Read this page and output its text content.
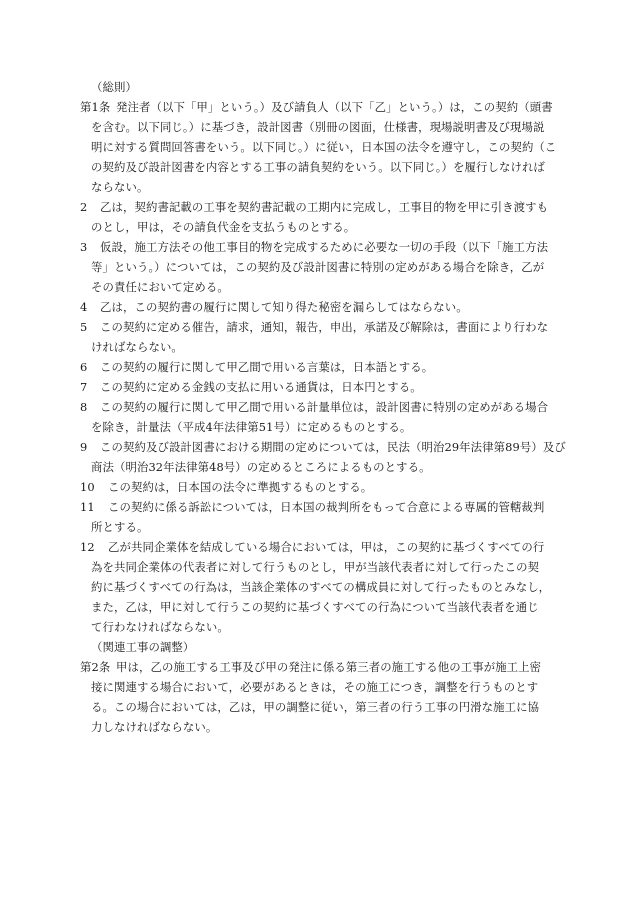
（総則）
第1条 発注者（以下「甲」という。）及び請負人（以下「乙」という。）は，この契約（頭書
を含む。以下同じ。）に基づき，設計図書（別冊の図面，仕様書，現場説明書及び現場説
明に対する質問回答書をいう。以下同じ。）に従い，日本国の法令を遵守し，この契約（こ
の契約及び設計図書を内容とする工事の請負契約をいう。以下同じ。）を履行しなければ
ならない。
2 乙は，契約書記載の工事を契約書記載の工期内に完成し，工事目的物を甲に引き渡すも
のとし，甲は，その請負代金を支払うものとする。
3 仮設，施工方法その他工事目的物を完成するために必要な一切の手段（以下「施工方法
等」という。）については，この契約及び設計図書に特別の定めがある場合を除き，乙が
その責任において定める。
4 乙は，この契約書の履行に関して知り得た秘密を漏らしてはならない。
5 この契約に定める催告，請求，通知，報告，申出，承諾及び解除は，書面により行わな
ければならない。
6 この契約の履行に関して甲乙間で用いる言葉は，日本語とする。
7 この契約に定める金銭の支払に用いる通貨は，日本円とする。
8 この契約の履行に関して甲乙間で用いる計量単位は，設計図書に特別の定めがある場合
を除き，計量法（平成4年法律第51号）に定めるものとする。
9 この契約及び設計図書における期間の定めについては，民法（明治29年法律第89号）及び
商法（明治32年法律第48号）の定めるところによるものとする。
10 この契約は，日本国の法令に準拠するものとする。
11 この契約に係る訴訟については，日本国の裁判所をもって合意による専属的管轄裁判
所とする。
12 乙が共同企業体を結成している場合においては，甲は，この契約に基づくすべての行
為を共同企業体の代表者に対して行うものとし，甲が当該代表者に対して行ったこの契
約に基づくすべての行為は，当該企業体のすべての構成員に対して行ったものとみなし，
また，乙は，甲に対して行うこの契約に基づくすべての行為について当該代表者を通じ
て行わなければならない。
（関連工事の調整）
第2条 甲は，乙の施工する工事及び甲の発注に係る第三者の施工する他の工事が施工上密
接に関連する場合において，必要があるときは，その施工につき，調整を行うものとす
る。この場合においては，乙は，甲の調整に従い，第三者の行う工事の円滑な施工に協
力しなければならない。
